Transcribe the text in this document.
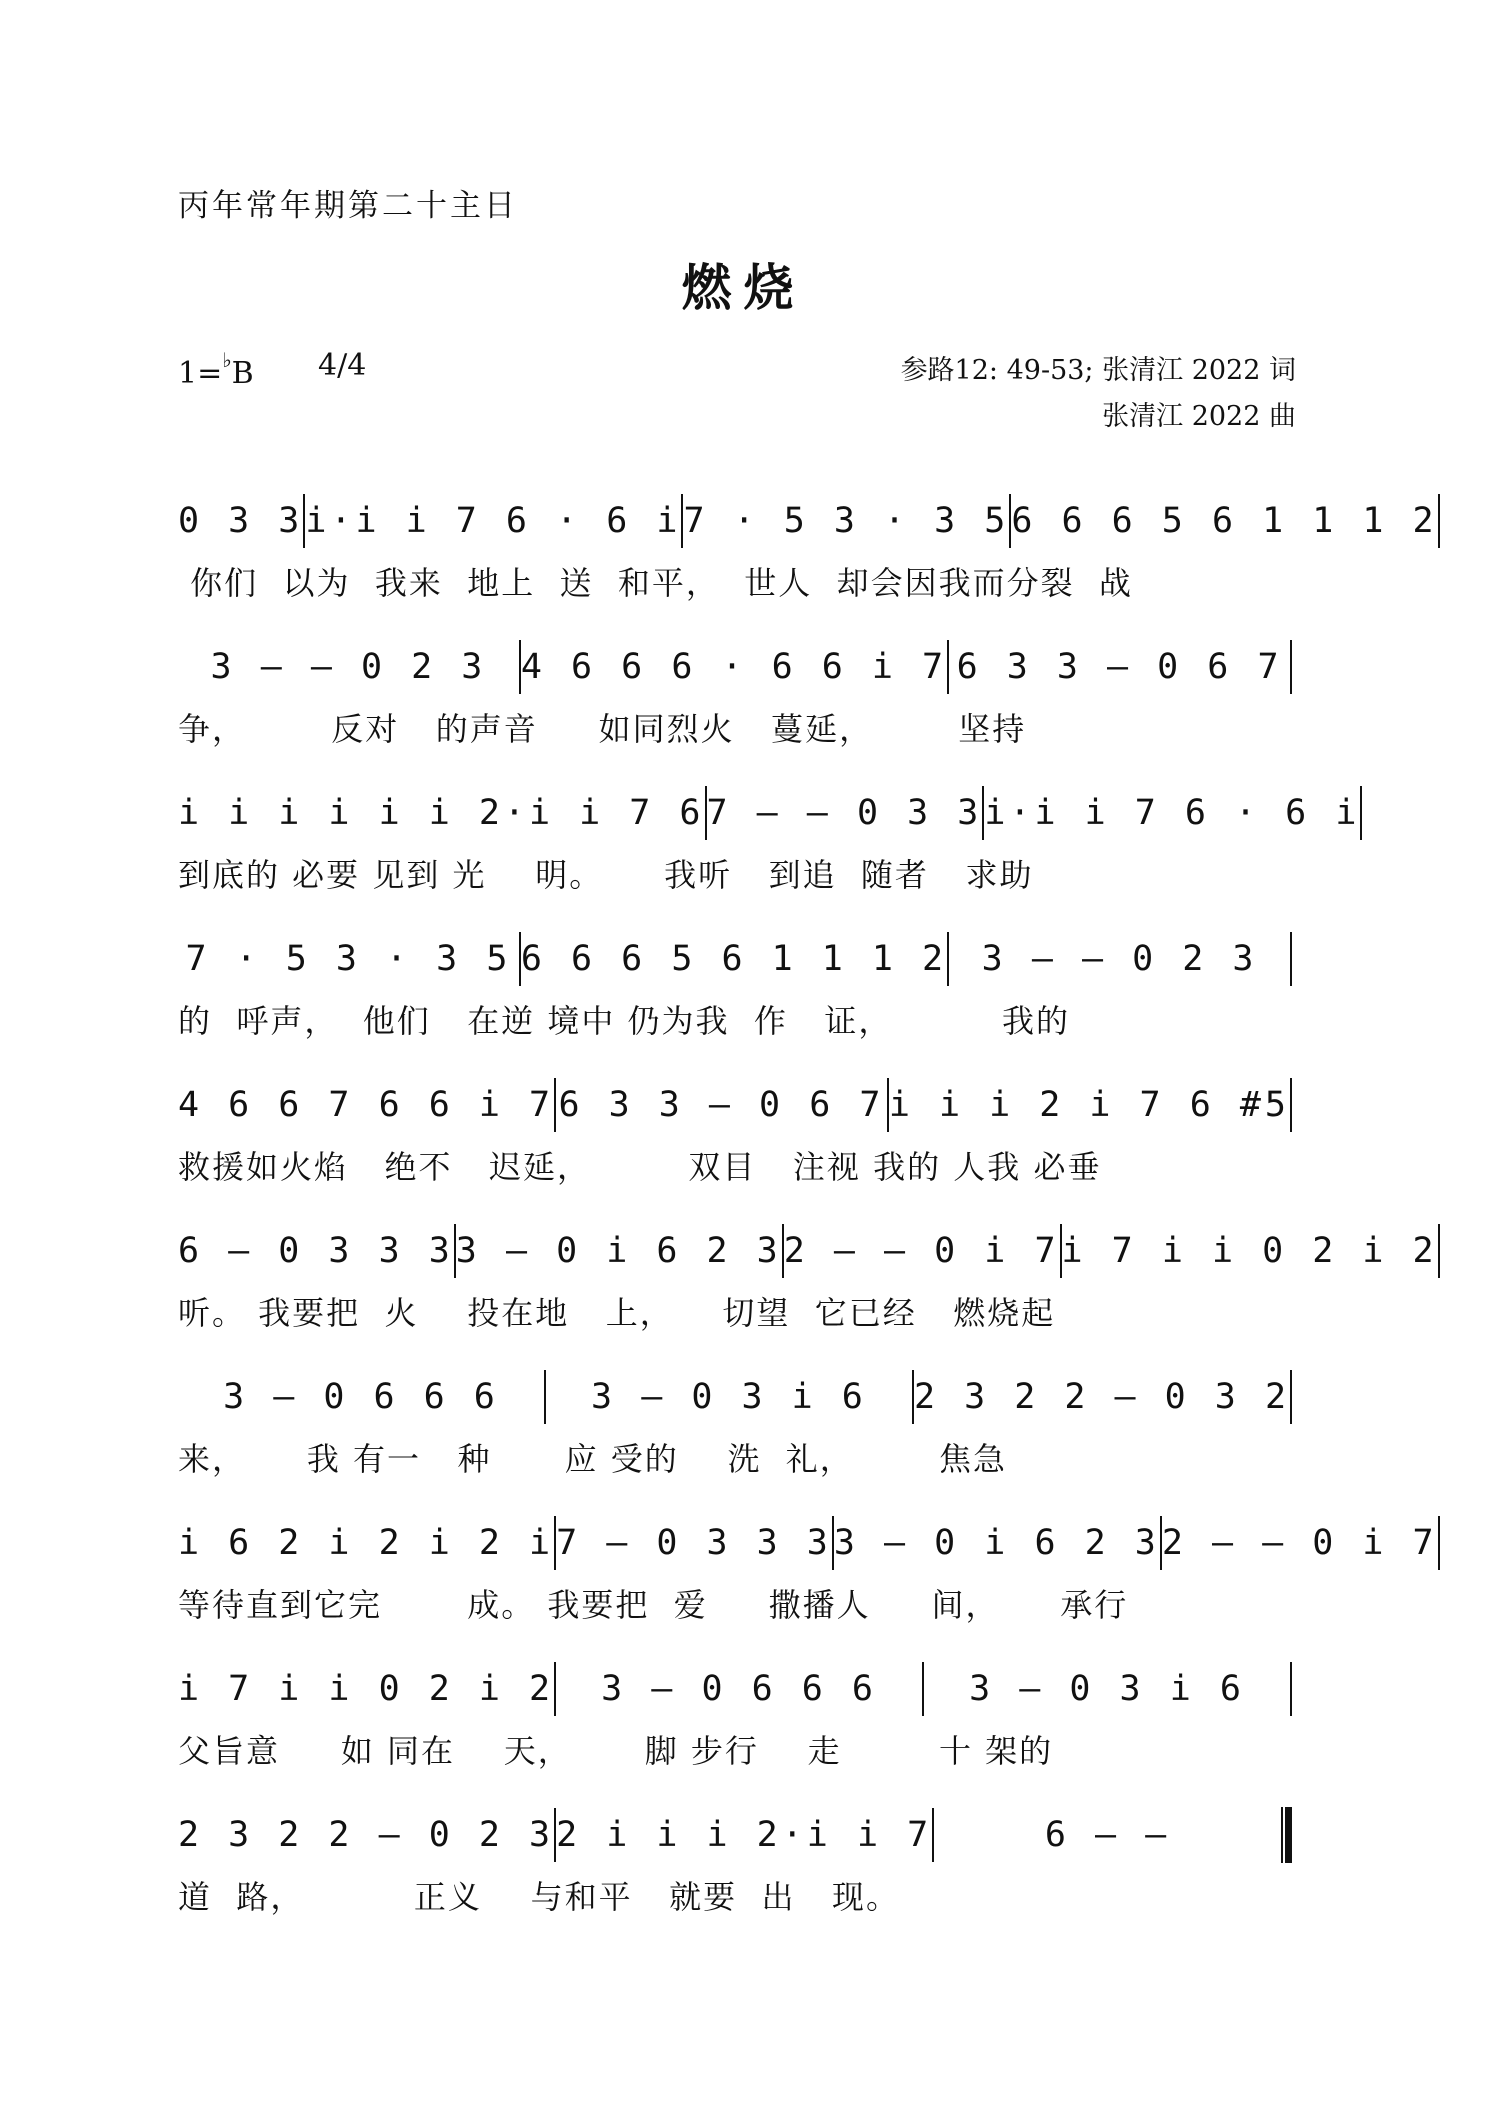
丙年常年期第二十主日
燃烧
1=♭B 4/4	参路12: 49-53; 张清江 2022 词
张清江 2022 曲
0 3 3 i·i i 7 6 · 6 i 7 · 5 3 · 3 5 6 6 6 5 6 1 1 1 2
你们  以为  我来  地上  送  和平，  世人  却会因我而分裂  战
3 — — 0 2 3 4 6 6 6 · 6 6 i 7 6 3 3 — 0 6 7
争，       反对   的声音     如同烈火   蔓延，       坚持
i i i i i i 2·i i 7 6 7 — — 0 3 3 i·i i 7 6 · 6 i
到底的 必要 见到 光    明。     我听   到追  随者   求助
7 · 5 3 · 3 5 6 6 6 5 6 1 1 1 2 3 — — 0 2 3
的  呼声，  他们   在逆 境中 仍为我  作   证，         我的
4 6 6 7 6 6 i 7 6 3 3 — 0 6 7 i i i 2 i 7 6 #5
救援如火焰   绝不   迟延，        双目   注视 我的 人我 必垂
6 — 0 3 3 3 3 — 0 i 6 2 3 2 — — 0 i 7 i 7 i i 0 2 i 2
听。 我要把  火    投在地   上，    切望  它已经   燃烧起
3 — 0 6 6 6	3 — 0 3 i 6	2 3 2 2 — 0 3 2
来，     我 有一   种      应 受的    洗  礼，       焦急
i 6 2 i 2 i 2 i 7 — 0 3 3 3 3 — 0 i 6 2 3 2 — — 0 i 7
等待直到它完       成。 我要把  爱     撒播人     间，     承行
i 7 i i 0 2 i 2	3 — 0 6 6 6	3 — 0 3 i 6
父旨意     如 同在    天，      脚 步行    走        十 架的
2 3 2 2 — 0 2 3 2 i i i 2·i i 7	6 — —
道  路，         正义    与和平   就要  出   现。
